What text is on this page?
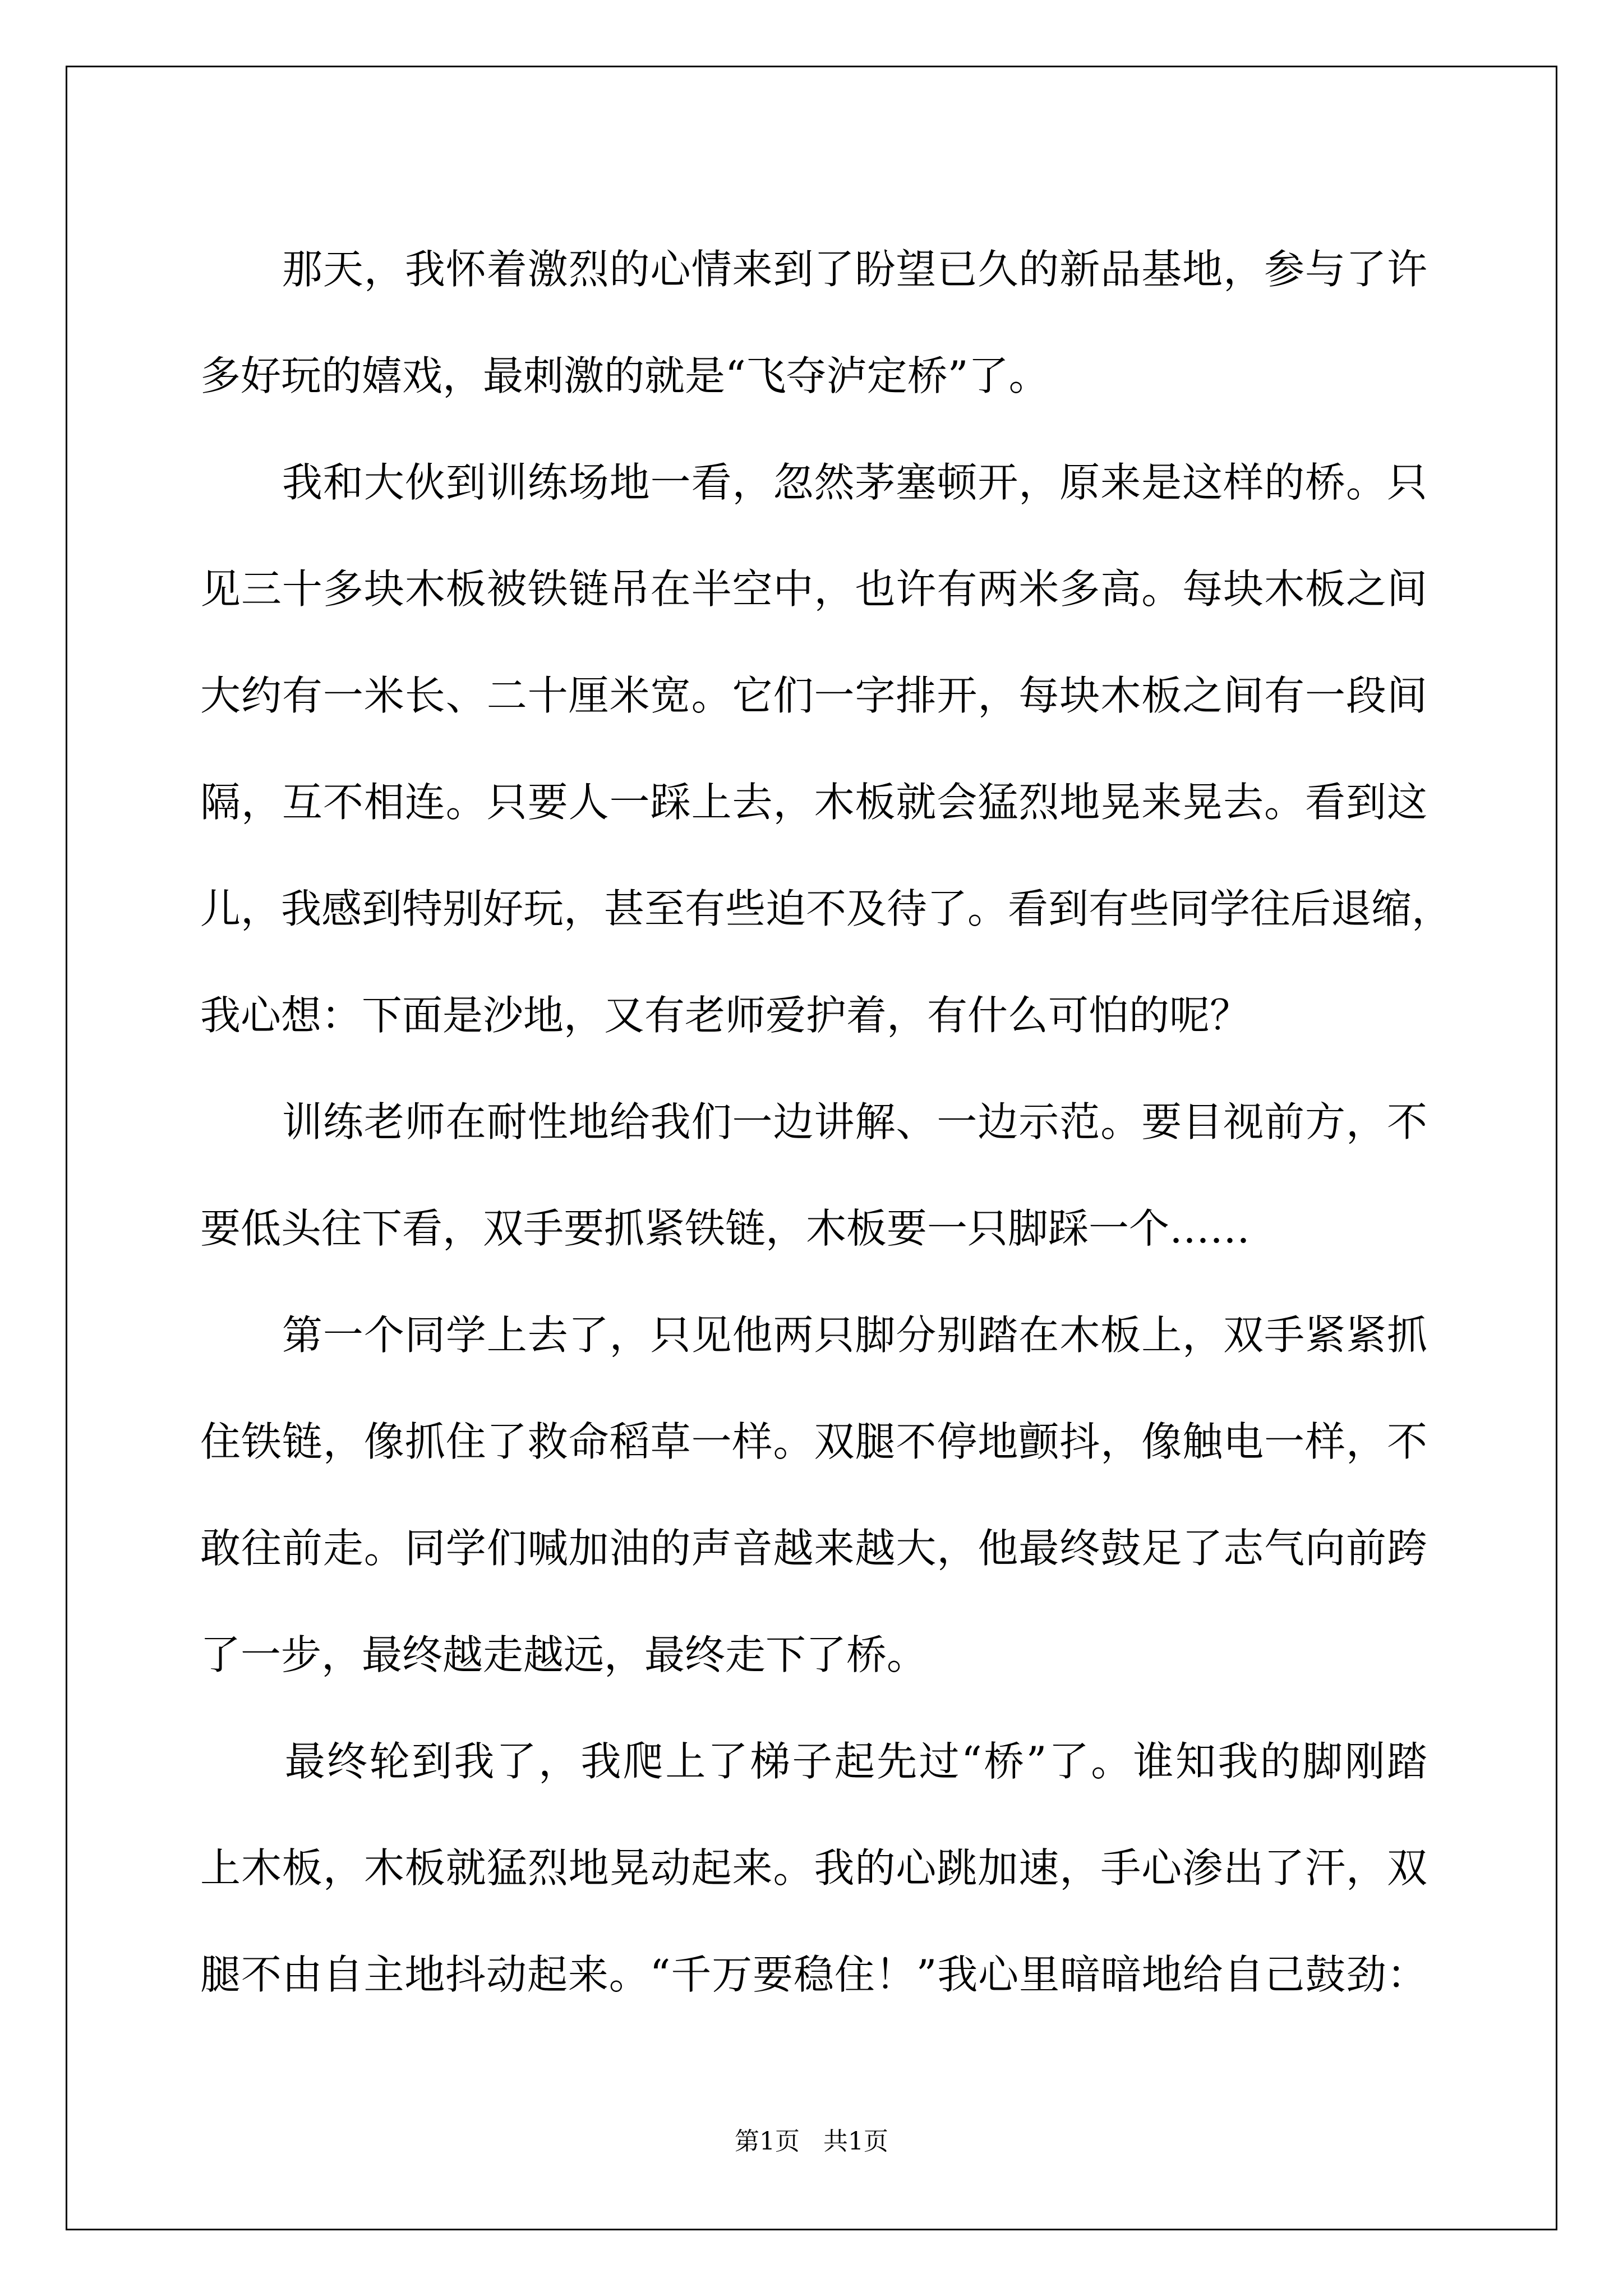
　　那天，我怀着激烈的心情来到了盼望已久的新品基地，参与了许
多好玩的嬉戏，最刺激的就是“飞夺泸定桥”了。
　　我和大伙到训练场地一看，忽然茅塞顿开，原来是这样的桥。只
见三十多块木板被铁链吊在半空中，也许有两米多高。每块木板之间
大约有一米长、二十厘米宽。它们一字排开，每块木板之间有一段间
隔，互不相连。只要人一踩上去，木板就会猛烈地晃来晃去。看到这
儿，我感到特别好玩，甚至有些迫不及待了。看到有些同学往后退缩，
我心想：下面是沙地，又有老师爱护着，有什么可怕的呢？
　　训练老师在耐性地给我们一边讲解、一边示范。要目视前方，不
要低头往下看，双手要抓紧铁链，木板要一只脚踩一个……
　　第一个同学上去了，只见他两只脚分别踏在木板上，双手紧紧抓
住铁链，像抓住了救命稻草一样。双腿不停地颤抖，像触电一样，不
敢往前走。同学们喊加油的声音越来越大，他最终鼓足了志气向前跨
了一步，最终越走越远，最终走下了桥。
　　最终轮到我了，我爬上了梯子起先过“桥”了。谁知我的脚刚踏
上木板，木板就猛烈地晃动起来。我的心跳加速，手心渗出了汗，双
腿不由自主地抖动起来。“千万要稳住！”我心里暗暗地给自己鼓劲：
第1页   共1页
